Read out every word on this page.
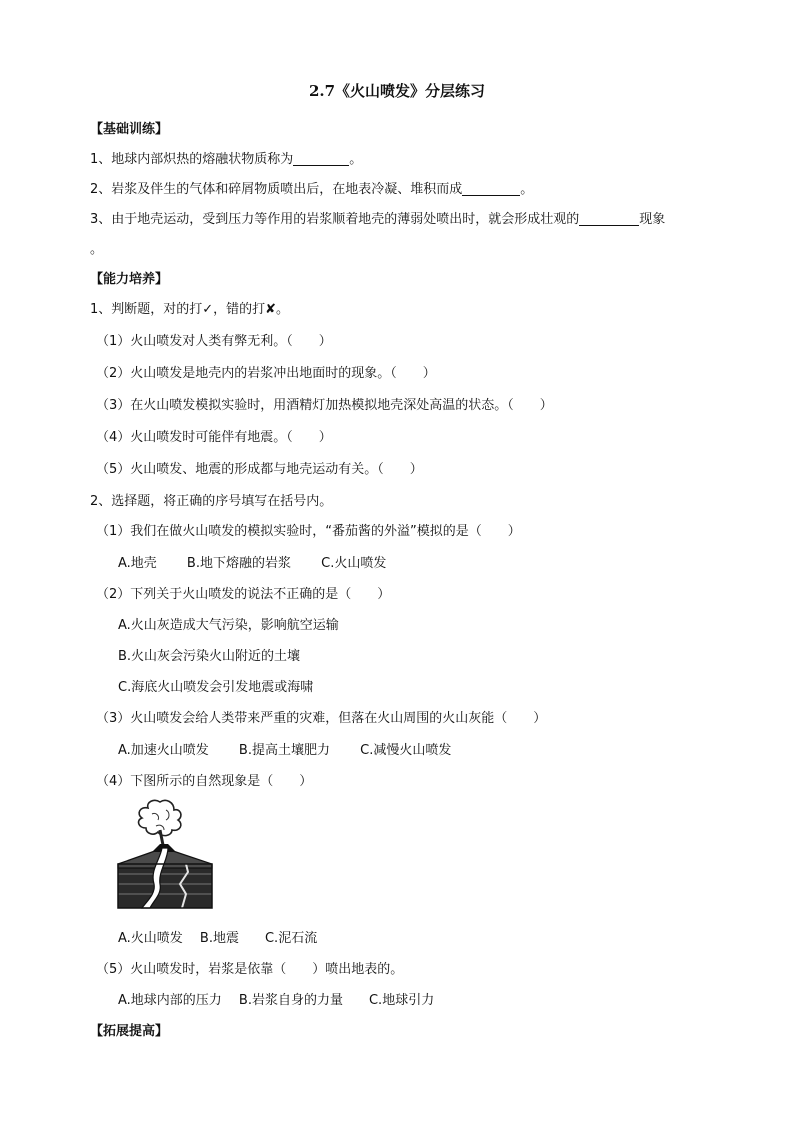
2.7《火山喷发》分层练习
【基础训练】
1、地球内部炽热的熔融状物质称为	。
2、岩浆及伴生的气体和碎屑物质喷出后，在地表冷凝、堆积而成	。
3、由于地壳运动，受到压力等作用的岩浆顺着地壳的薄弱处喷出时，就会形成壮观的	现象
。
【能力培养】
1、判断题，对的打✓，错的打✘。
（1）火山喷发对人类有弊无利。（　　）
（2）火山喷发是地壳内的岩浆冲出地面时的现象。（　　）
（3）在火山喷发模拟实验时，用酒精灯加热模拟地壳深处高温的状态。（　　）
（4）火山喷发时可能伴有地震。（　　）
（5）火山喷发、地震的形成都与地壳运动有关。（　　）
2、选择题，将正确的序号填写在括号内。
（1）我们在做火山喷发的模拟实验时，“番茄酱的外溢”模拟的是（　　）
A.地壳　　 B.地下熔融的岩浆　　 C.火山喷发
（2）下列关于火山喷发的说法不正确的是（　　）
A.火山灰造成大气污染，影响航空运输
B.火山灰会污染火山附近的土壤
C.海底火山喷发会引发地震或海啸
（3）火山喷发会给人类带来严重的灾难，但落在火山周围的火山灰能（　　）
A.加速火山喷发　　 B.提高土壤肥力　　 C.减慢火山喷发
（4）下图所示的自然现象是（　　）
A.火山喷发　 B.地震　　C.泥石流
（5）火山喷发时，岩浆是依靠（　　）喷出地表的。
A.地球内部的压力　 B.岩浆自身的力量　　C.地球引力
【拓展提高】
